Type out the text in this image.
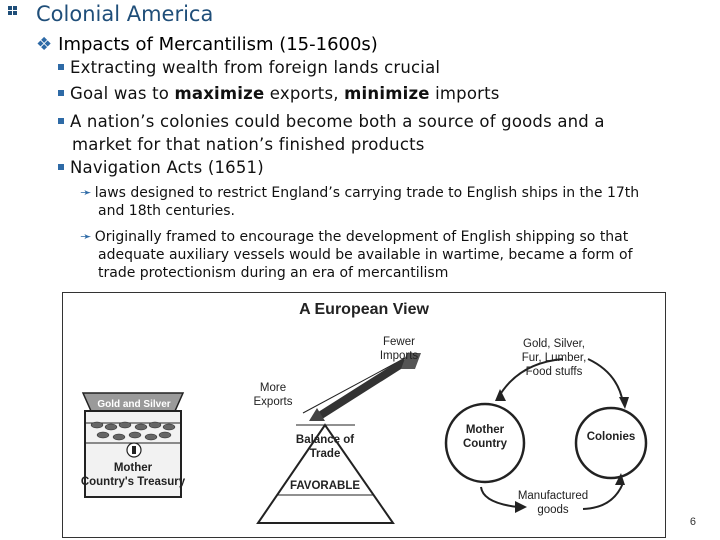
Colonial America
❖ Impacts of Mercantilism (15-1600s)
Extracting wealth from foreign lands crucial
Goal was to maximize exports, minimize imports
A nation’s colonies could become both a source of goods and a
market for that nation’s finished products
Navigation Acts (1651)
➛ laws designed to restrict England’s carrying trade to English ships in the 17th
and 18th centuries.
➛ Originally framed to encourage the development of English shipping so that
adequate auxiliary vessels would be available in wartime, became a form of
trade protectionism during an era of mercantilism
A European View
Gold and Silver
Mother
Country's Treasury
Fewer
Imports
More
Exports
Balance of
Trade
FAVORABLE
Mother
Country
Colonies
Gold, Silver,
Fur, Lumber,
Food stuffs
Manufactured
goods
6
